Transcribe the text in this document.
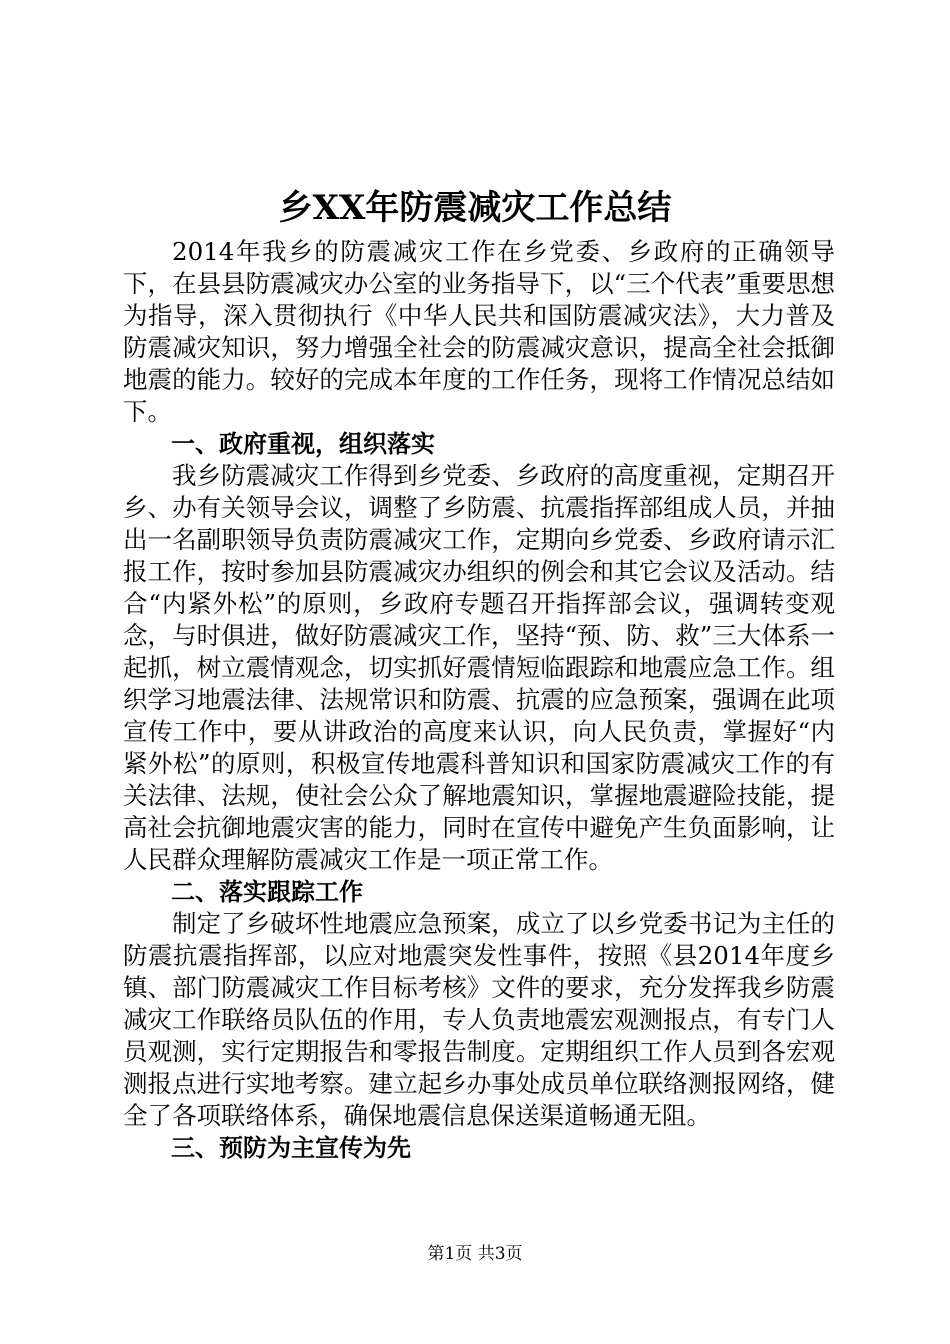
乡XX年防震减灾工作总结

2014年我乡的防震减灾工作在乡党委、乡政府的正确领导下，在县县防震减灾办公室的业务指导下，以“三个代表”重要思想为指导，深入贯彻执行《中华人民共和国防震减灾法》，大力普及防震减灾知识，努力增强全社会的防震减灾意识，提高全社会抵御地震的能力。较好的完成本年度的工作任务，现将工作情况总结如下。

一、政府重视，组织落实

我乡防震减灾工作得到乡党委、乡政府的高度重视，定期召开乡、办有关领导会议，调整了乡防震、抗震指挥部组成人员，并抽出一名副职领导负责防震减灾工作，定期向乡党委、乡政府请示汇报工作，按时参加县防震减灾办组织的例会和其它会议及活动。结合“内紧外松”的原则，乡政府专题召开指挥部会议，强调转变观念，与时俱进，做好防震减灾工作，坚持“预、防、救”三大体系一起抓，树立震情观念，切实抓好震情短临跟踪和地震应急工作。组织学习地震法律、法规常识和防震、抗震的应急预案，强调在此项宣传工作中，要从讲政治的高度来认识，向人民负责，掌握好“内紧外松”的原则，积极宣传地震科普知识和国家防震减灾工作的有关法律、法规，使社会公众了解地震知识，掌握地震避险技能，提高社会抗御地震灾害的能力，同时在宣传中避免产生负面影响，让人民群众理解防震减灾工作是一项正常工作。

二、落实跟踪工作

制定了乡破坏性地震应急预案，成立了以乡党委书记为主任的防震抗震指挥部，以应对地震突发性事件，按照《县2014年度乡镇、部门防震减灾工作目标考核》文件的要求，充分发挥我乡防震减灾工作联络员队伍的作用，专人负责地震宏观测报点，有专门人员观测，实行定期报告和零报告制度。定期组织工作人员到各宏观测报点进行实地考察。建立起乡办事处成员单位联络测报网络，健全了各项联络体系，确保地震信息保送渠道畅通无阻。

三、预防为主宣传为先

第1页 共3页
